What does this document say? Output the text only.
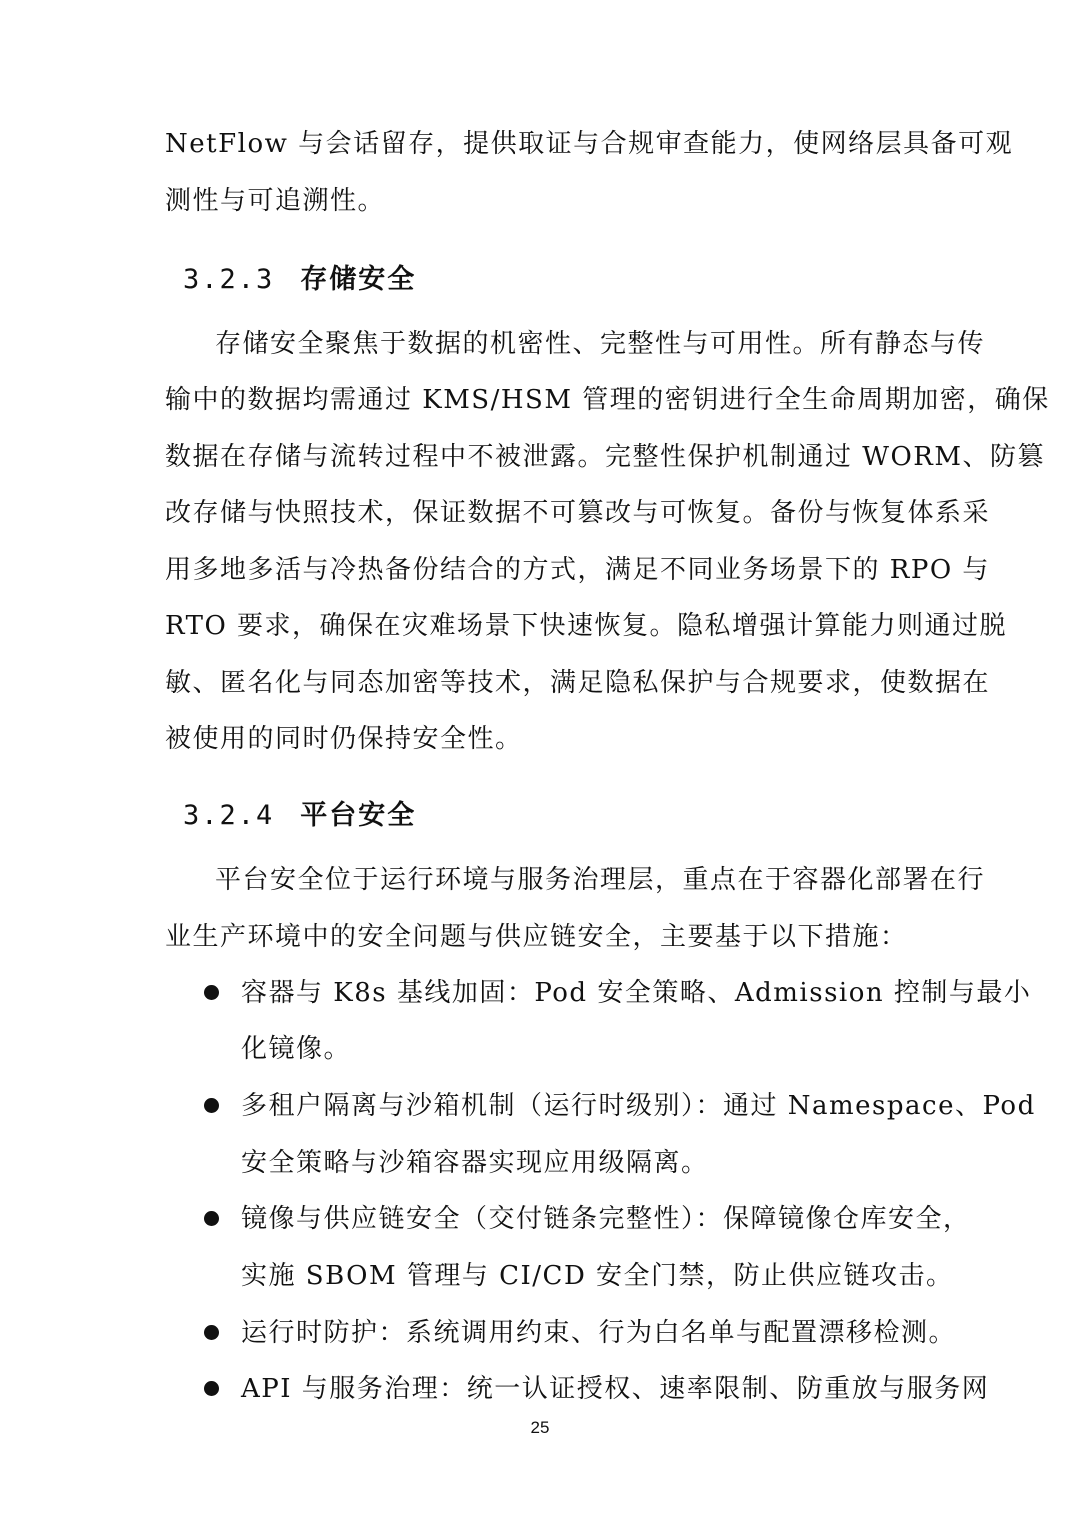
NetFlow 与会话留存，提供取证与合规审查能力，使网络层具备可观
测性与可追溯性。
3.2.3 存储安全
存储安全聚焦于数据的机密性、完整性与可用性。所有静态与传
输中的数据均需通过 KMS/HSM 管理的密钥进行全生命周期加密，确保
数据在存储与流转过程中不被泄露。完整性保护机制通过 WORM、防篡
改存储与快照技术，保证数据不可篡改与可恢复。备份与恢复体系采
用多地多活与冷热备份结合的方式，满足不同业务场景下的 RPO 与
RTO 要求，确保在灾难场景下快速恢复。隐私增强计算能力则通过脱
敏、匿名化与同态加密等技术，满足隐私保护与合规要求，使数据在
被使用的同时仍保持安全性。
3.2.4 平台安全
平台安全位于运行环境与服务治理层，重点在于容器化部署在行
业生产环境中的安全问题与供应链安全，主要基于以下措施：
容器与 K8s 基线加固：Pod 安全策略、Admission 控制与最小
化镜像。
多租户隔离与沙箱机制（运行时级别）：通过 Namespace、Pod
安全策略与沙箱容器实现应用级隔离。
镜像与供应链安全（交付链条完整性）：保障镜像仓库安全，
实施 SBOM 管理与 CI/CD 安全门禁，防止供应链攻击。
运行时防护：系统调用约束、行为白名单与配置漂移检测。
API 与服务治理：统一认证授权、速率限制、防重放与服务网
25
